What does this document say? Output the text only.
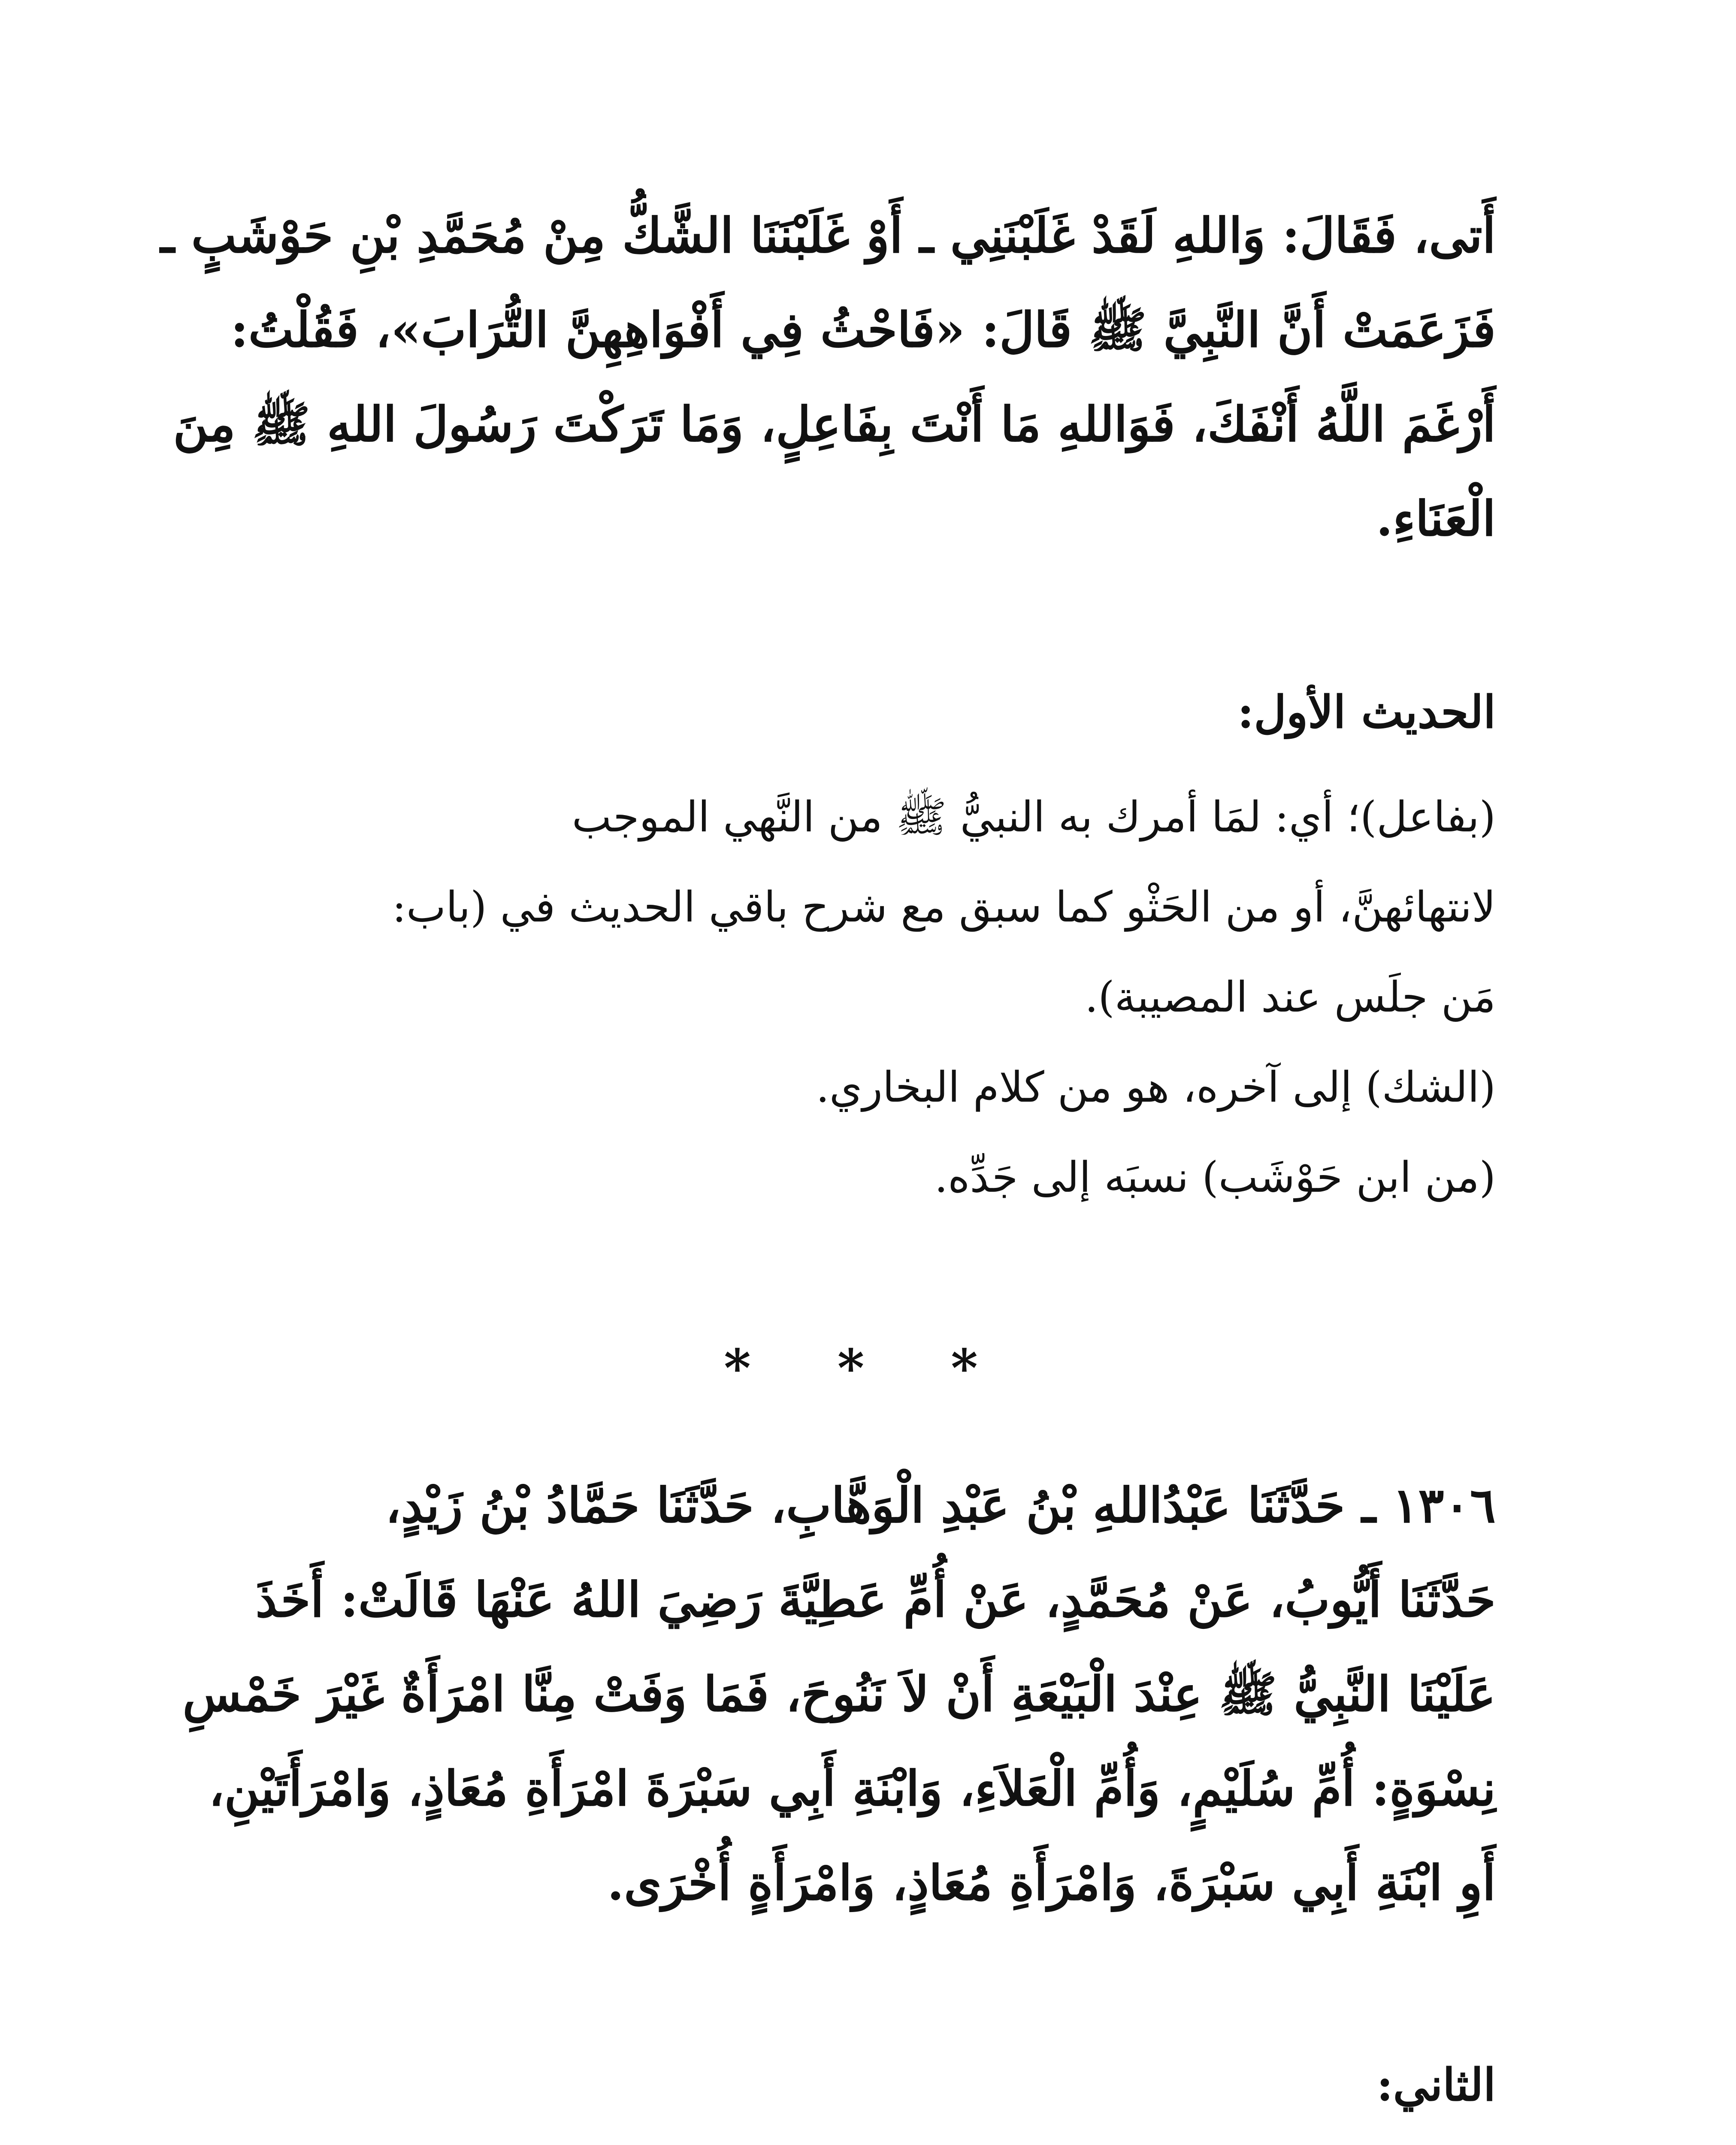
أَتى، فَقَالَ: وَاللهِ لَقَدْ غَلَبْنَنِي ـ أَوْ غَلَبْنَنَا الشَّكُّ مِنْ مُحَمَّدِ بْنِ حَوْشَبٍ ـ
فَزَعَمَتْ أَنَّ النَّبِيَّ ﷺ قَالَ: «فَاحْثُ فِي أَفْوَاهِهِنَّ التُّرَابَ»، فَقُلْتُ:
أَرْغَمَ اللَّهُ أَنْفَكَ، فَوَاللهِ مَا أَنْتَ بِفَاعِلٍ، وَمَا تَرَكْتَ رَسُولَ اللهِ ﷺ مِنَ
الْعَنَاءِ.
الحديث الأول:
(بفاعل)؛ أي: لمَا أمرك به النبيُّ ﷺ من النَّهي الموجب
لانتهائهنَّ، أو من الحَثْو كما سبق مع شرح باقي الحديث في (باب:
مَن جلَس عند المصيبة).
(الشك) إلى آخره، هو من كلام البخاري.
(من ابن حَوْشَب) نسبَه إلى جَدِّه.
* * *
١٣٠٦ ـ حَدَّثَنَا عَبْدُاللهِ بْنُ عَبْدِ الْوَهَّابِ، حَدَّثَنَا حَمَّادُ بْنُ زَيْدٍ،
حَدَّثَنَا أَيُّوبُ، عَنْ مُحَمَّدٍ، عَنْ أُمِّ عَطِيَّةَ رَضِيَ اللهُ عَنْهَا قَالَتْ: أَخَذَ
عَلَيْنَا النَّبِيُّ ﷺ عِنْدَ الْبَيْعَةِ أَنْ لاَ نَنُوحَ، فَمَا وَفَتْ مِنَّا امْرَأَةٌ غَيْرَ خَمْسِ
نِسْوَةٍ: أُمِّ سُلَيْمٍ، وَأُمِّ الْعَلاَءِ، وَابْنَةِ أَبِي سَبْرَةَ امْرَأَةِ مُعَاذٍ، وَامْرَأَتَيْنِ،
أَوِ ابْنَةِ أَبِي سَبْرَةَ، وَامْرَأَةِ مُعَاذٍ، وَامْرَأَةٍ أُخْرَى.
الثاني:
